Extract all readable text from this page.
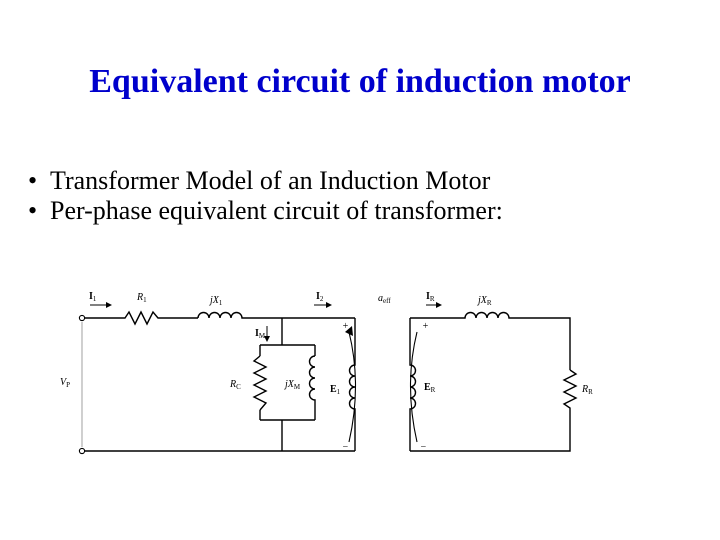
Equivalent circuit of induction motor
• Transformer Model of an Induction Motor
• Per-phase equivalent circuit of transformer:
I1	R1	jX1
I2	aeff	IR	jXR
IM
VP	RC	jXM	E1	ER	RR
+
−
+
−
